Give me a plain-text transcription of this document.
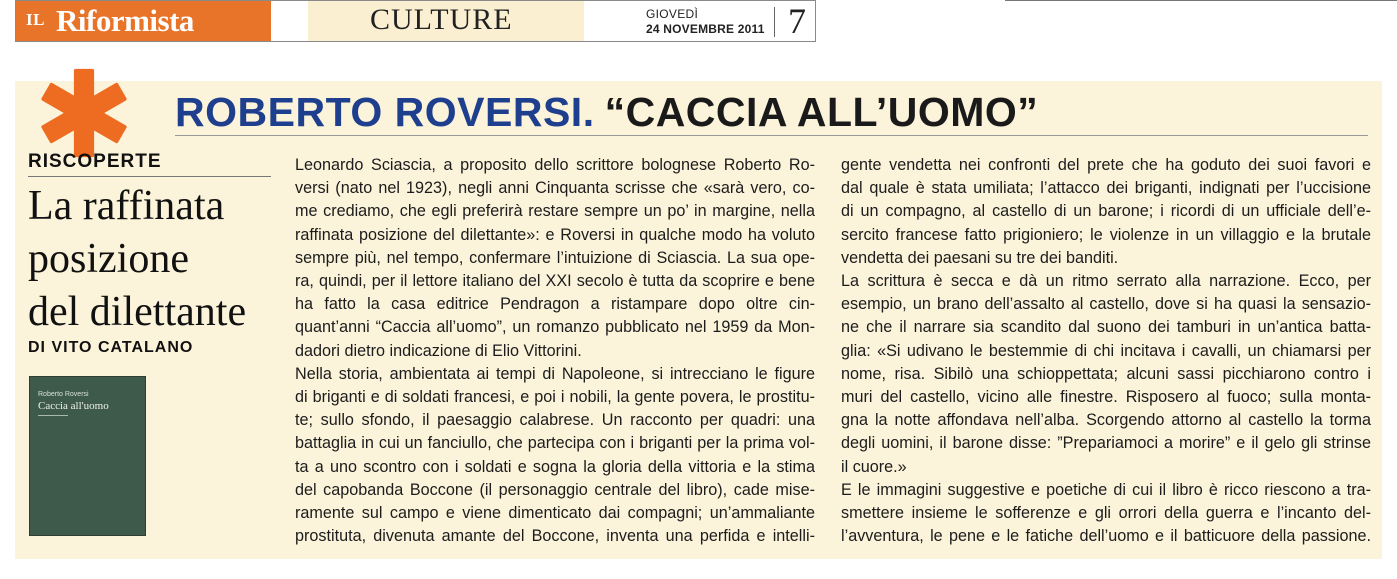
IL Riformista	CULTURE	GIOVEDÌ
24 NOVEMBRE 2011 7
ROBERTO ROVERSI. “CACCIA ALL’UOMO”
RISCOPERTE
La raffinata
posizione
del dilettante
DI VITO CATALANO
Roberto Roversi
Caccia all'uomo
Leonardo Sciascia, a proposito dello scrittore bolognese Roberto Ro-
versi (nato nel 1923), negli anni Cinquanta scrisse che «sarà vero, co-
me crediamo, che egli preferirà restare sempre un po’ in margine, nella
raffinata posizione del dilettante»: e Roversi in qualche modo ha voluto
sempre più, nel tempo, confermare l’intuizione di Sciascia. La sua ope-
ra, quindi, per il lettore italiano del XXI secolo è tutta da scoprire e bene
ha fatto la casa editrice Pendragon a ristampare dopo oltre cin-
quant’anni “Caccia all’uomo”, un romanzo pubblicato nel 1959 da Mon-
dadori dietro indicazione di Elio Vittorini.
Nella storia, ambientata ai tempi di Napoleone, si intrecciano le figure
di briganti e di soldati francesi, e poi i nobili, la gente povera, le prostitu-
te; sullo sfondo, il paesaggio calabrese. Un racconto per quadri: una
battaglia in cui un fanciullo, che partecipa con i briganti per la prima vol-
ta a uno scontro con i soldati e sogna la gloria della vittoria e la stima
del capobanda Boccone (il personaggio centrale del libro), cade mise-
ramente sul campo e viene dimenticato dai compagni; un’ammaliante
prostituta, divenuta amante del Boccone, inventa una perfida e intelli-
gente vendetta nei confronti del prete che ha goduto dei suoi favori e
dal quale è stata umiliata; l’attacco dei briganti, indignati per l’uccisione
di un compagno, al castello di un barone; i ricordi di un ufficiale dell’e-
sercito francese fatto prigioniero; le violenze in un villaggio e la brutale
vendetta dei paesani su tre dei banditi.
La scrittura è secca e dà un ritmo serrato alla narrazione. Ecco, per
esempio, un brano dell’assalto al castello, dove si ha quasi la sensazio-
ne che il narrare sia scandito dal suono dei tamburi in un’antica batta-
glia: «Si udivano le bestemmie di chi incitava i cavalli, un chiamarsi per
nome, risa. Sibilò una schioppettata; alcuni sassi picchiarono contro i
muri del castello, vicino alle finestre. Risposero al fuoco; sulla monta-
gna la notte affondava nell’alba. Scorgendo attorno al castello la torma
degli uomini, il barone disse: ”Prepariamoci a morire” e il gelo gli strinse
il cuore.»
E le immagini suggestive e poetiche di cui il libro è ricco riescono a tra-
smettere insieme le sofferenze e gli orrori della guerra e l’incanto del-
l’avventura, le pene e le fatiche dell’uomo e il batticuore della passione.
